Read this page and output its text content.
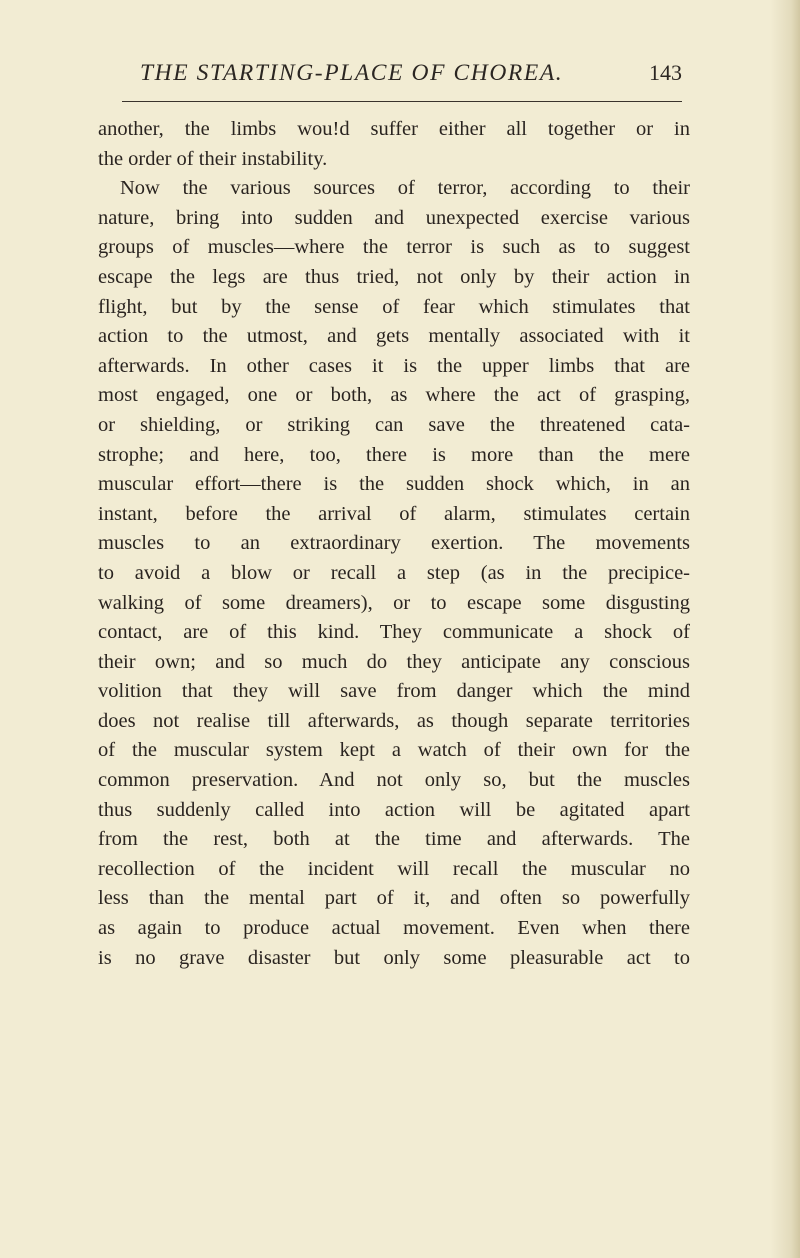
THE STARTING-PLACE OF CHOREA.	143
another, the limbs wou!d suffer either all together or in
the order of their instability.
Now the various sources of terror, according to their
nature, bring into sudden and unexpected exercise various
groups of muscles—where the terror is such as to suggest
escape the legs are thus tried, not only by their action in
flight, but by the sense of fear which stimulates that
action to the utmost, and gets mentally associated with it
afterwards. In other cases it is the upper limbs that are
most engaged, one or both, as where the act of grasping,
or shielding, or striking can save the threatened cata-
strophe; and here, too, there is more than the mere
muscular effort—there is the sudden shock which, in an
instant, before the arrival of alarm, stimulates certain
muscles to an extraordinary exertion. The movements
to avoid a blow or recall a step (as in the precipice-
walking of some dreamers), or to escape some disgusting
contact, are of this kind. They communicate a shock of
their own; and so much do they anticipate any conscious
volition that they will save from danger which the mind
does not realise till afterwards, as though separate territories
of the muscular system kept a watch of their own for the
common preservation. And not only so, but the muscles
thus suddenly called into action will be agitated apart
from the rest, both at the time and afterwards. The
recollection of the incident will recall the muscular no
less than the mental part of it, and often so powerfully
as again to produce actual movement. Even when there
is no grave disaster but only some pleasurable act to
